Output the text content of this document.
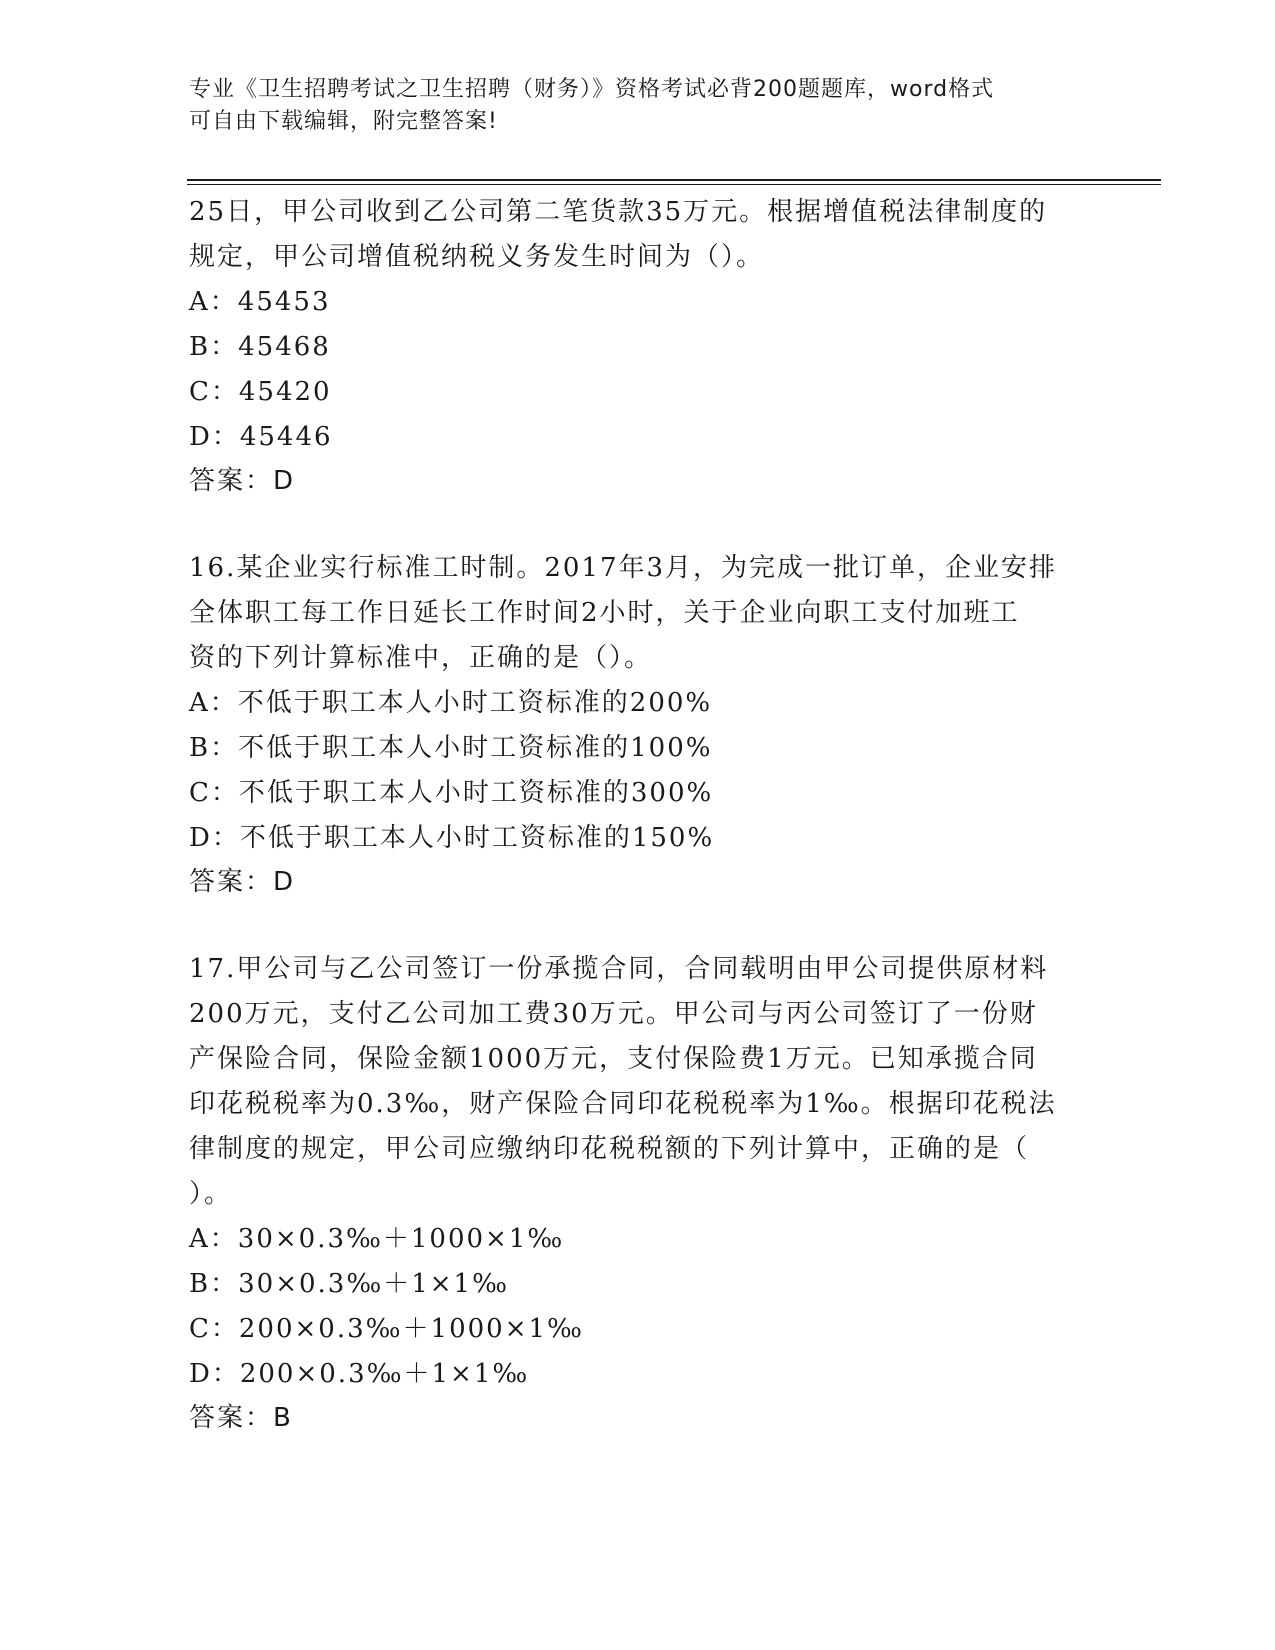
专业《卫生招聘考试之卫生招聘（财务）》资格考试必背200题题库，word格式
可自由下载编辑，附完整答案!

25日，甲公司收到乙公司第二笔货款35万元。根据增值税法律制度的

规定，甲公司增值税纳税义务发生时间为（）。

A：45453

B：45468

C：45420

D：45446

答案：D

16.某企业实行标准工时制。2017年3月，为完成一批订单，企业安排

全体职工每工作日延长工作时间2小时，关于企业向职工支付加班工

资的下列计算标准中，正确的是（）。

A：不低于职工本人小时工资标准的200%

B：不低于职工本人小时工资标准的100%

C：不低于职工本人小时工资标准的300%

D：不低于职工本人小时工资标准的150%

答案：D

17.甲公司与乙公司签订一份承揽合同，合同载明由甲公司提供原材料

200万元，支付乙公司加工费30万元。甲公司与丙公司签订了一份财

产保险合同，保险金额1000万元，支付保险费1万元。已知承揽合同

印花税税率为0.3‰，财产保险合同印花税税率为1‰。根据印花税法

律制度的规定，甲公司应缴纳印花税税额的下列计算中，正确的是（

）。

A：30×0.3‰＋1000×1‰

B：30×0.3‰＋1×1‰

C：200×0.3‰＋1000×1‰

D：200×0.3‰＋1×1‰

答案：B
